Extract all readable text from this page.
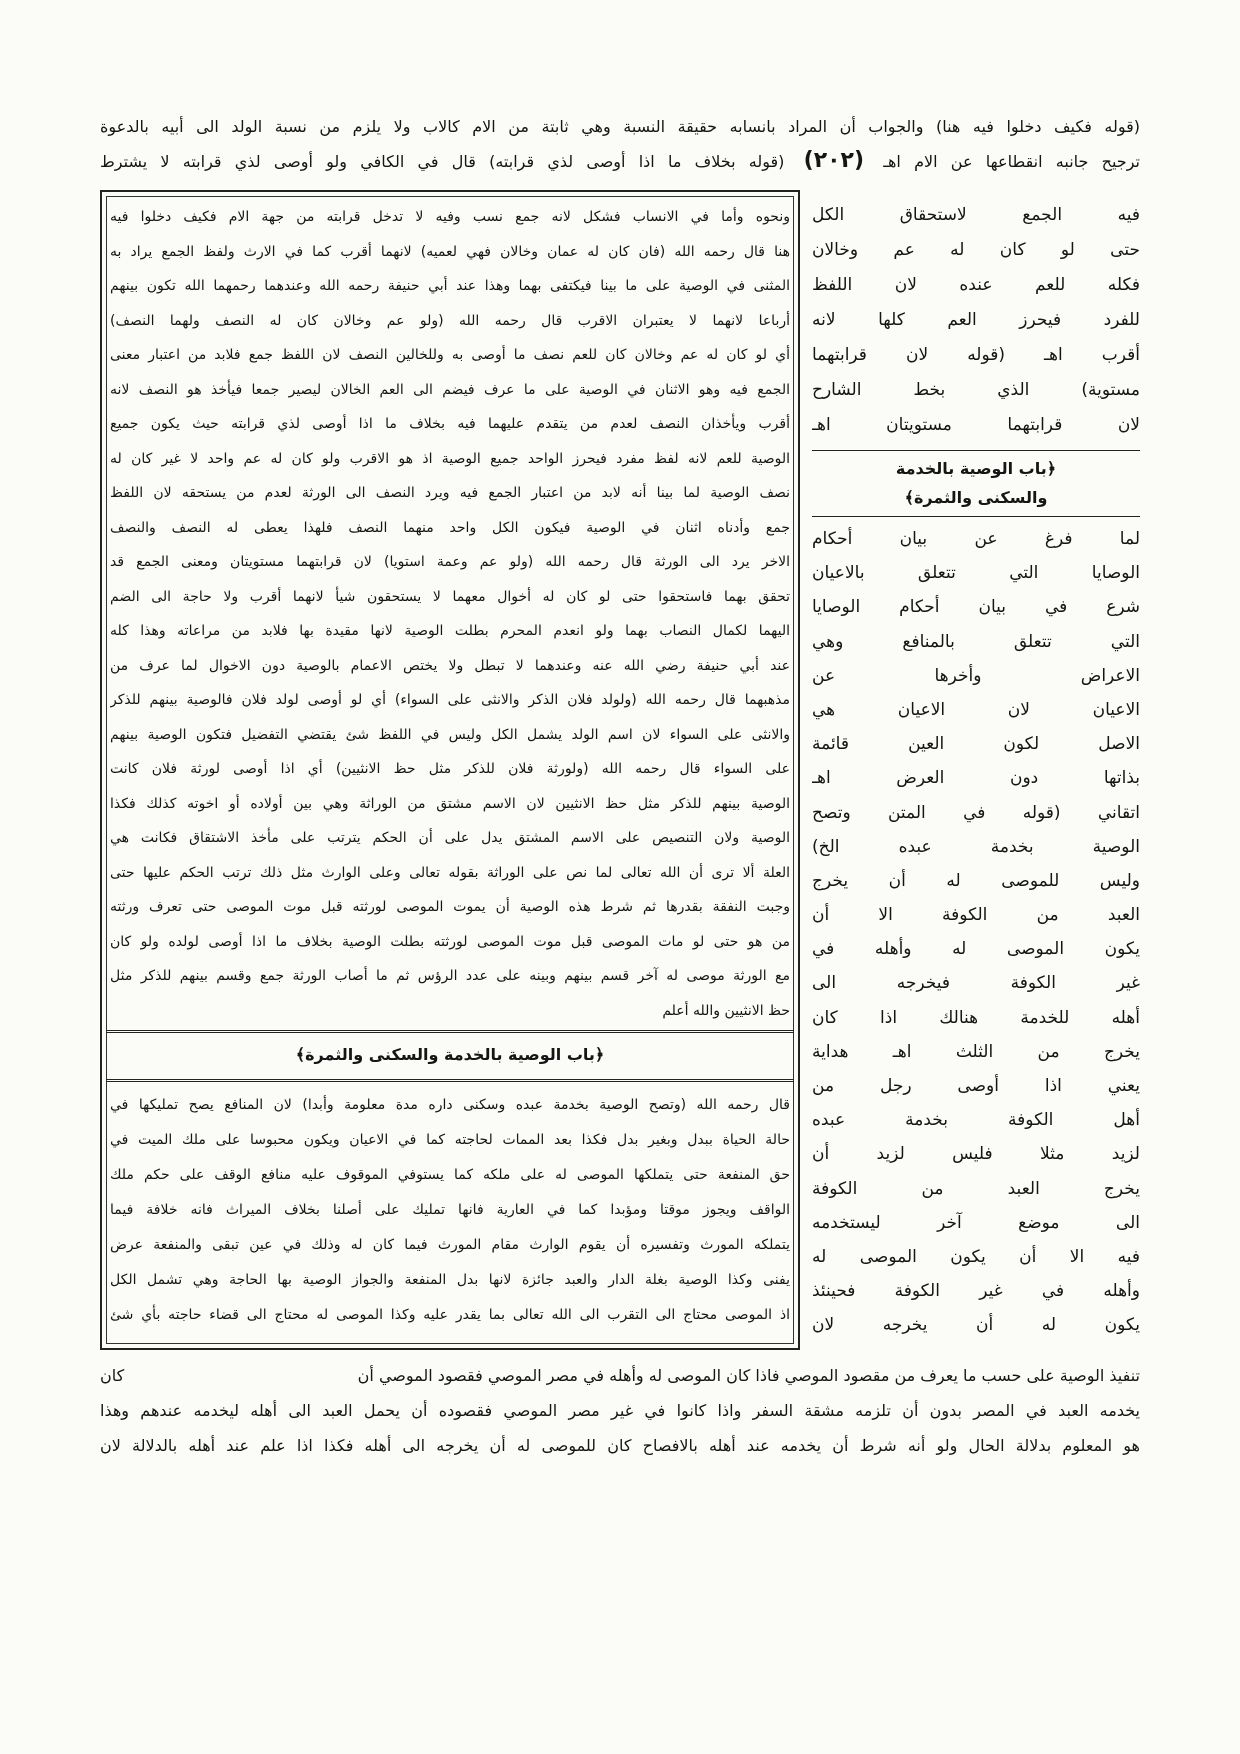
(قوله فكيف دخلوا فيه هنا) والجواب أن المراد بانسابه حقيقة النسبة وهي ثابتة من الام كالاب ولا يلزم من نسبة الولد الى أبيه بالدعوة
ترجيح جانبه انقطاعها عن الام اهـ (٢٠٢) (قوله بخلاف ما اذا أوصى لذي قرابته) قال في الكافي ولو أوصى لذي قرابته لا يشترط
ونحوه وأما في الانساب فشكل لانه جمع نسب وفيه لا تدخل قرابته من جهة الام فكيف دخلوا فيه
هنا قال رحمه الله (فان كان له عمان وخالان فهي لعميه) لانهما أقرب كما في الارث ولفظ الجمع يراد به
المثنى في الوصية على ما بينا فيكتفى بهما وهذا عند أبي حنيفة رحمه الله وعندهما رحمهما الله تكون بينهم
أرباعا لانهما لا يعتبران الاقرب قال رحمه الله (ولو عم وخالان كان له النصف ولهما النصف)
أي لو كان له عم وخالان كان للعم نصف ما أوصى به وللخالين النصف لان اللفظ جمع فلابد من اعتبار معنى
الجمع فيه وهو الاثنان في الوصية على ما عرف فيضم الى العم الخالان ليصير جمعا فيأخذ هو النصف لانه
أقرب ويأخذان النصف لعدم من يتقدم عليهما فيه بخلاف ما اذا أوصى لذي قرابته حيث يكون جميع
الوصية للعم لانه لفظ مفرد فيحرز الواحد جميع الوصية اذ هو الاقرب ولو كان له عم واحد لا غير كان له
نصف الوصية لما بينا أنه لابد من اعتبار الجمع فيه ويرد النصف الى الورثة لعدم من يستحقه لان اللفظ
جمع وأدناه اثنان في الوصية فيكون الكل واحد منهما النصف فلهذا يعطى له النصف والنصف
الاخر يرد الى الورثة قال رحمه الله (ولو عم وعمة استويا) لان قرابتهما مستويتان ومعنى الجمع قد
تحقق بهما فاستحقوا حتى لو كان له أخوال معهما لا يستحقون شيأ لانهما أقرب ولا حاجة الى الضم
اليهما لكمال النصاب بهما ولو انعدم المحرم بطلت الوصية لانها مقيدة بها فلابد من مراعاته وهذا كله
عند أبي حنيفة رضي الله عنه وعندهما لا تبطل ولا يختص الاعمام بالوصية دون الاخوال لما عرف من
مذهبهما قال رحمه الله (ولولد فلان الذكر والانثى على السواء) أي لو أوصى لولد فلان فالوصية بينهم للذكر
والانثى على السواء لان اسم الولد يشمل الكل وليس في اللفظ شئ يقتضي التفضيل فتكون الوصية بينهم
على السواء قال رحمه الله (ولورثة فلان للذكر مثل حظ الانثيين) أي اذا أوصى لورثة فلان كانت
الوصية بينهم للذكر مثل حظ الانثيين لان الاسم مشتق من الوراثة وهي بين أولاده أو اخوته كذلك فكذا
الوصية ولان التنصيص على الاسم المشتق يدل على أن الحكم يترتب على مأخذ الاشتقاق فكانت هي
العلة ألا ترى أن الله تعالى لما نص على الوراثة بقوله تعالى وعلى الوارث مثل ذلك ترتب الحكم عليها حتى
وجبت النفقة بقدرها ثم شرط هذه الوصية أن يموت الموصى لورثته قبل موت الموصى حتى تعرف ورثته
من هو حتى لو مات الموصى قبل موت الموصى لورثته بطلت الوصية بخلاف ما اذا أوصى لولده ولو كان
مع الورثة موصى له آخر قسم بينهم وبينه على عدد الرؤس ثم ما أصاب الورثة جمع وقسم بينهم للذكر مثل
حظ الانثيين والله أعلم
﴿باب الوصية بالخدمة والسكنى والثمرة﴾
قال رحمه الله (وتصح الوصية بخدمة عبده وسكنى داره مدة معلومة وأبدا) لان المنافع يصح تمليكها في
حالة الحياة ببدل وبغير بدل فكذا بعد الممات لحاجته كما في الاعيان ويكون محبوسا على ملك الميت في
حق المنفعة حتى يتملكها الموصى له على ملكه كما يستوفي الموقوف عليه منافع الوقف على حكم ملك
الواقف ويجوز موقتا ومؤبدا كما في العارية فانها تمليك على أصلنا بخلاف الميراث فانه خلافة فيما
يتملكه المورث وتفسيره أن يقوم الوارث مقام المورث فيما كان له وذلك في عين تبقى والمنفعة عرض
يفنى وكذا الوصية بغلة الدار والعبد جائزة لانها بدل المنفعة والجواز الوصية بها الحاجة وهي تشمل الكل
اذ الموصى محتاج الى التقرب الى الله تعالى بما يقدر عليه وكذا الموصى له محتاج الى قضاء حاجته بأي شئ
فيه الجمع لاستحقاق الكل
حتى لو كان له عم وخالان
فكله للعم عنده لان اللفظ
للفرد فيحرز العم كلها لانه
أقرب اهـ (قوله لان قرابتهما
مستوية) الذي بخط الشارح
لان قرابتهما مستويتان اهـ
﴿باب الوصية بالخدمة
والسكنى والثمرة﴾
لما فرغ عن بيان أحكام
الوصايا التي تتعلق بالاعيان
شرع في بيان أحكام الوصايا
التي تتعلق بالمنافع وهي
الاعراض وأخرها عن
الاعيان لان الاعيان هي
الاصل لكون العين قائمة
بذاتها دون العرض اهـ
اتقاني (قوله في المتن وتصح
الوصية بخدمة عبده الخ)
وليس للموصى له أن يخرج
العبد من الكوفة الا أن
يكون الموصى له وأهله في
غير الكوفة فيخرجه الى
أهله للخدمة هنالك اذا كان
يخرج من الثلث اهـ هداية
يعني اذا أوصى رجل من
أهل الكوفة بخدمة عبده
لزيد مثلا فليس لزيد أن
يخرج العبد من الكوفة
الى موضع آخر ليستخدمه
فيه الا أن يكون الموصى له
وأهله في غير الكوفة فحينئذ
يكون له أن يخرجه لان
تنفيذ الوصية على حسب ما يعرف من مقصود الموصي فاذا كان الموصى له وأهله في مصر الموصي فقصود الموصي أن
كان
يخدمه العبد في المصر بدون أن تلزمه مشقة السفر واذا كانوا في غير مصر الموصي فقصوده أن يحمل العبد الى أهله ليخدمه عندهم وهذا
هو المعلوم بدلالة الحال ولو أنه شرط أن يخدمه عند أهله بالافصاح كان للموصى له أن يخرجه الى أهله فكذا اذا علم عند أهله بالدلالة لان
